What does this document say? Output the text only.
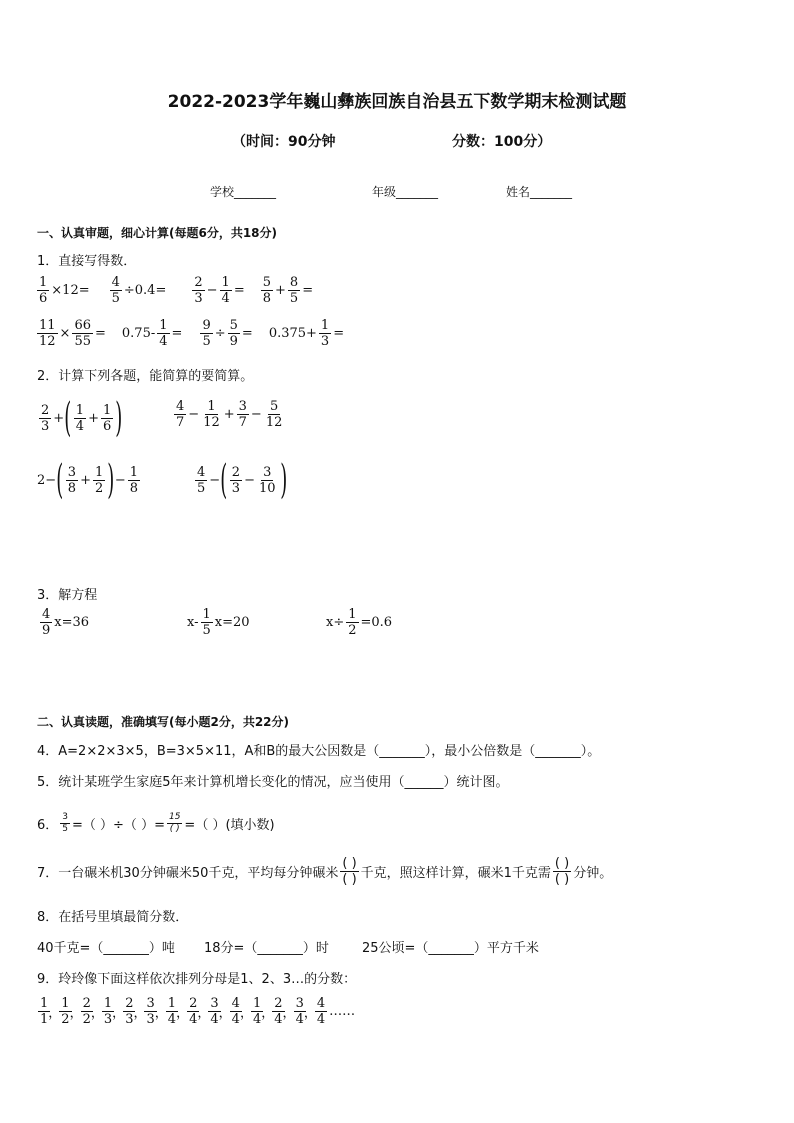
2022-2023学年巍山彝族回族自治县五下数学期末检测试题
（时间：90分钟	分数：100分）
学校_______	年级_______	姓名_______
一、认真审题，细心计算(每题6分，共18分)
1．直接写得数．
$\frac{1}{6} \times 12= \frac{4}{5} \div 0.4= \frac{2}{3} - \frac{1}{4} = \frac{5}{8} + \frac{8}{5}$ =
$\frac{11}{12} \times \frac{66}{55} = 0.75- \frac{1}{4} = \frac{9}{5} \div \frac{5}{9} = 0.375+ \frac{1}{3}$ =
2．计算下列各题，能简算的要简算。
$\frac{2}{3}$ + ( $\frac{1}{4} + \frac{1}{6}$ )	$\frac{4}{7} - \frac{1}{12} + \frac{3}{7} - \frac{5}{12}$
2− ( $\frac{3}{8} + \frac{1}{2}$ ) − $\frac{1}{8}$	$\frac{4}{5}$ − ( $\frac{2}{3} - \frac{3}{10}$ )
3．解方程
$\frac{4}{9} x=36$	$x- \frac{1}{5} x=20$	$x\div \frac{1}{2} =0.6$
二、认真读题，准确填写(每小题2分，共22分)
4．A=2×2×3×5，B=3×5×11，A和B的最大公因数是（_______），最小公倍数是（_______）。
5．统计某班学生家庭5年来计算机增长变化的情况，应当使用（______）统计图。
6． $\frac{3}{5}$ =（ ）÷（ ）= $\frac{15}{( )}$ =（ ）(填小数)
7．一台碾米机30分钟碾米50千克，平均每分钟碾米 $\frac{( )}{( )}$ 千克，照这样计算，碾米1千克需 $\frac{( )}{( )}$ 分钟。
8．在括号里填最简分数．
40千克=（_______）吨 18分=（_______）时	25公顷=（_______）平方千米
9．玲玲像下面这样依次排列分母是1、2、3…的分数：
$\frac{1}{1}$
，
$\frac{1}{2}$
，
$\frac{2}{2}$
，
$\frac{1}{3}$
，
$\frac{2}{3}$
，
$\frac{3}{3}$
，
$\frac{1}{4}$
，
$\frac{2}{4}$
，
$\frac{3}{4}$
，
$\frac{4}{4}$
，
$\frac{1}{4}$
，
$\frac{2}{4}$
，
$\frac{3}{4}$
，
$\frac{4}{4}$ ……
